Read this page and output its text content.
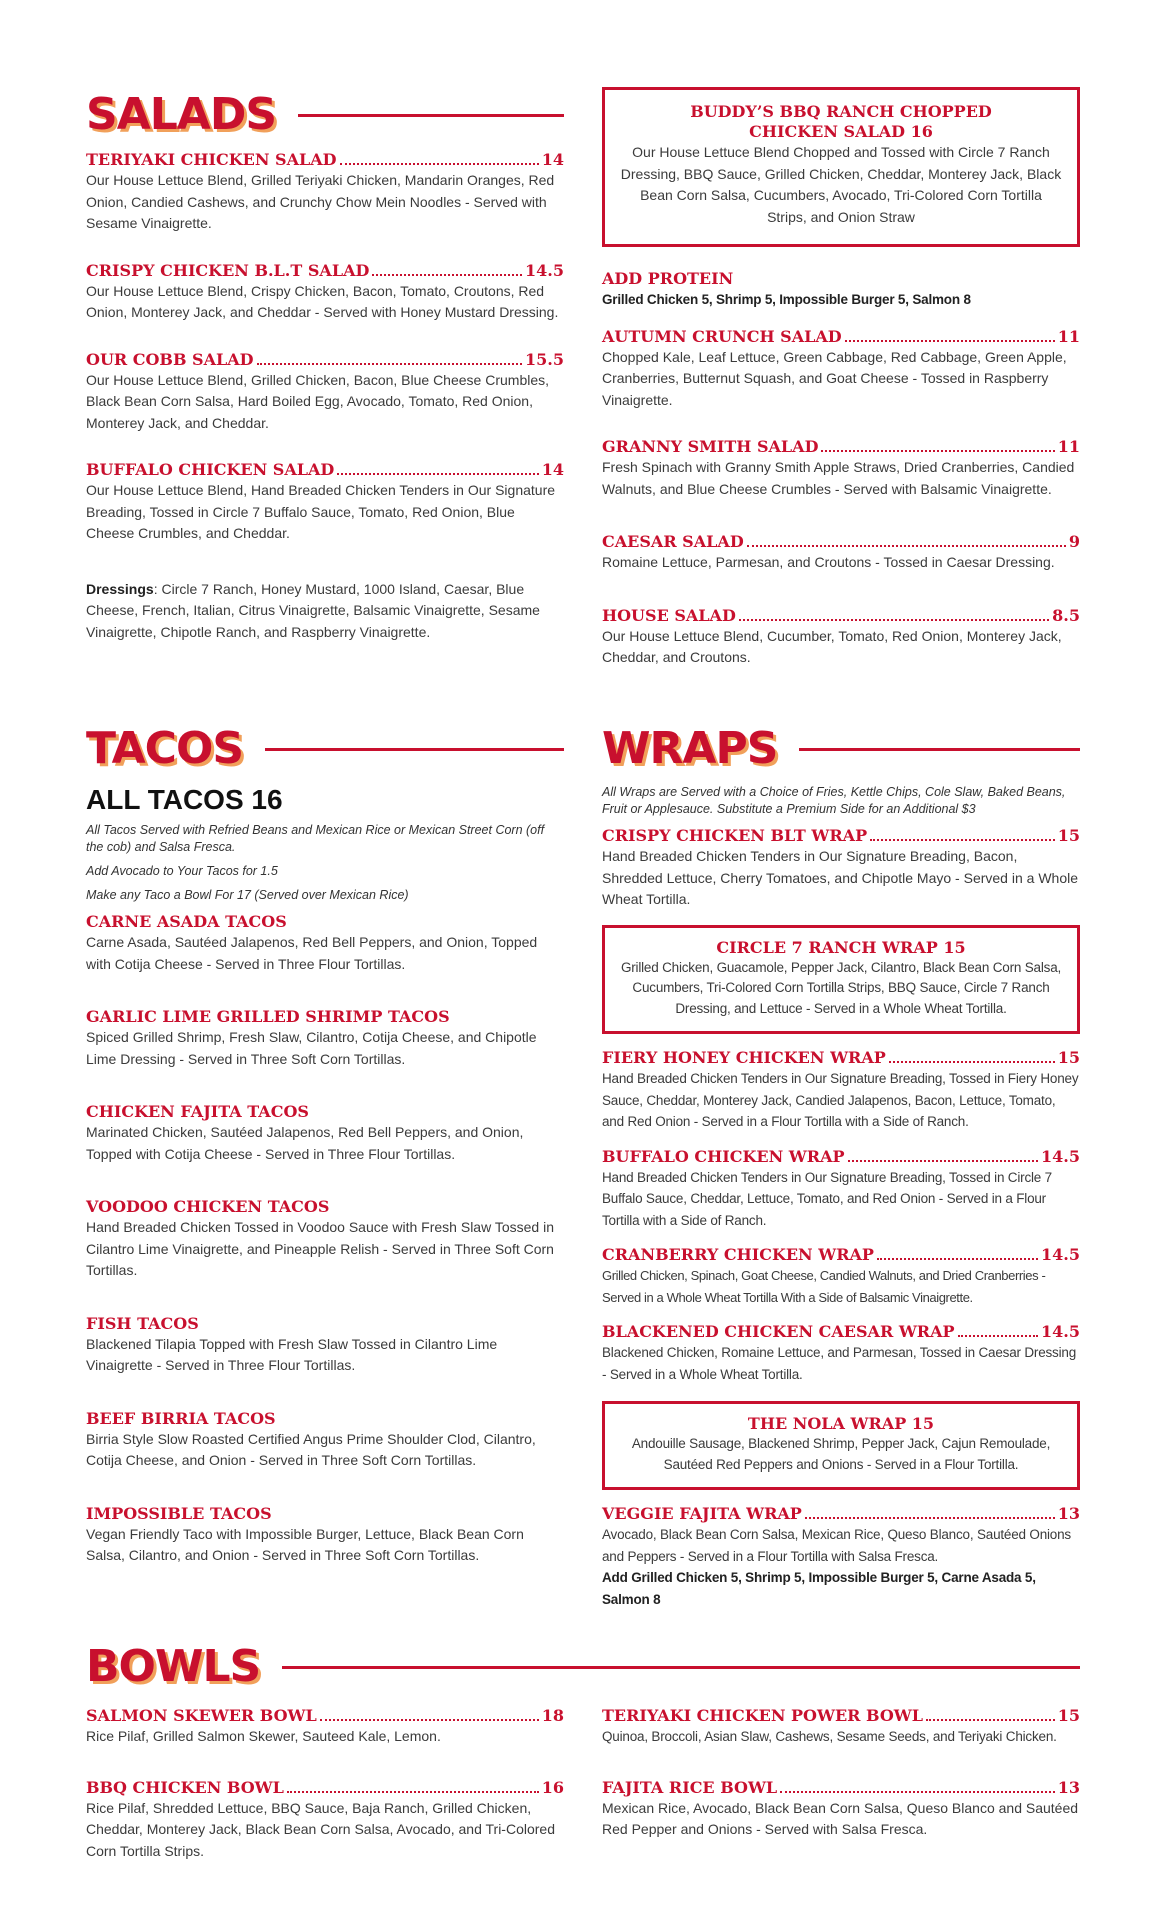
SALADS
TERIYAKI CHICKEN SALAD	14
Our House Lettuce Blend, Grilled Teriyaki Chicken, Mandarin Oranges, Red Onion, Candied Cashews, and Crunchy Chow Mein Noodles - Served with Sesame Vinaigrette.
CRISPY CHICKEN B.L.T SALAD	14.5
Our House Lettuce Blend, Crispy Chicken, Bacon, Tomato, Croutons, Red Onion, Monterey Jack, and Cheddar - Served with Honey Mustard Dressing.
OUR COBB SALAD	15.5
Our House Lettuce Blend, Grilled Chicken, Bacon, Blue Cheese Crumbles, Black Bean Corn Salsa, Hard Boiled Egg, Avocado, Tomato, Red Onion, Monterey Jack, and Cheddar.
BUFFALO CHICKEN SALAD	14
Our House Lettuce Blend, Hand Breaded Chicken Tenders in Our Signature Breading, Tossed in Circle 7 Buffalo Sauce, Tomato, Red Onion, Blue Cheese Crumbles, and Cheddar.
Dressings: Circle 7 Ranch, Honey Mustard, 1000 Island, Caesar, Blue Cheese, French, Italian, Citrus Vinaigrette, Balsamic Vinaigrette, Sesame Vinaigrette, Chipotle Ranch, and Raspberry Vinaigrette.
BUDDY’S BBQ RANCH CHOPPED CHICKEN SALAD 16
Our House Lettuce Blend Chopped and Tossed with Circle 7 Ranch Dressing, BBQ Sauce, Grilled Chicken, Cheddar, Monterey Jack, Black Bean Corn Salsa, Cucumbers, Avocado, Tri-Colored Corn Tortilla Strips, and Onion Straw
ADD PROTEIN
Grilled Chicken 5, Shrimp 5, Impossible Burger 5, Salmon 8
AUTUMN CRUNCH SALAD	11
Chopped Kale, Leaf Lettuce, Green Cabbage, Red Cabbage, Green Apple, Cranberries, Butternut Squash, and Goat Cheese - Tossed in Raspberry Vinaigrette.
GRANNY SMITH SALAD	11
Fresh Spinach with Granny Smith Apple Straws, Dried Cranberries, Candied Walnuts, and Blue Cheese Crumbles - Served with Balsamic Vinaigrette.
CAESAR SALAD	9
Romaine Lettuce, Parmesan, and Croutons - Tossed in Caesar Dressing.
HOUSE SALAD	8.5
Our House Lettuce Blend, Cucumber, Tomato, Red Onion, Monterey Jack, Cheddar, and Croutons.
TACOS
ALL TACOS 16
All Tacos Served with Refried Beans and Mexican Rice or Mexican Street Corn (off the cob) and Salsa Fresca.
Add Avocado to Your Tacos for 1.5
Make any Taco a Bowl For 17 (Served over Mexican Rice)
CARNE ASADA TACOS
Carne Asada, Sautéed Jalapenos, Red Bell Peppers, and Onion, Topped with Cotija Cheese - Served in Three Flour Tortillas.
GARLIC LIME GRILLED SHRIMP TACOS
Spiced Grilled Shrimp, Fresh Slaw, Cilantro, Cotija Cheese, and Chipotle Lime Dressing - Served in Three Soft Corn Tortillas.
CHICKEN FAJITA TACOS
Marinated Chicken, Sautéed Jalapenos, Red Bell Peppers, and Onion, Topped with Cotija Cheese - Served in Three Flour Tortillas.
VOODOO CHICKEN TACOS
Hand Breaded Chicken Tossed in Voodoo Sauce with Fresh Slaw Tossed in Cilantro Lime Vinaigrette, and Pineapple Relish - Served in Three Soft Corn Tortillas.
FISH TACOS
Blackened Tilapia Topped with Fresh Slaw Tossed in Cilantro Lime Vinaigrette - Served in Three Flour Tortillas.
BEEF BIRRIA TACOS
Birria Style Slow Roasted Certified Angus Prime Shoulder Clod, Cilantro, Cotija Cheese, and Onion - Served in Three Soft Corn Tortillas.
IMPOSSIBLE TACOS
Vegan Friendly Taco with Impossible Burger, Lettuce, Black Bean Corn Salsa, Cilantro, and Onion - Served in Three Soft Corn Tortillas.
WRAPS
All Wraps are Served with a Choice of Fries, Kettle Chips, Cole Slaw, Baked Beans, Fruit or Applesauce. Substitute a Premium Side for an Additional $3
CRISPY CHICKEN BLT WRAP	15
Hand Breaded Chicken Tenders in Our Signature Breading, Bacon, Shredded Lettuce, Cherry Tomatoes, and Chipotle Mayo - Served in a Whole Wheat Tortilla.
CIRCLE 7 RANCH WRAP 15
Grilled Chicken, Guacamole, Pepper Jack, Cilantro, Black Bean Corn Salsa, Cucumbers, Tri-Colored Corn Tortilla Strips, BBQ Sauce, Circle 7 Ranch Dressing, and Lettuce - Served in a Whole Wheat Tortilla.
FIERY HONEY CHICKEN WRAP	15
Hand Breaded Chicken Tenders in Our Signature Breading, Tossed in Fiery Honey Sauce, Cheddar, Monterey Jack, Candied Jalapenos, Bacon, Lettuce, Tomato, and Red Onion - Served in a Flour Tortilla with a Side of Ranch.
BUFFALO CHICKEN WRAP	14.5
Hand Breaded Chicken Tenders in Our Signature Breading, Tossed in Circle 7 Buffalo Sauce, Cheddar, Lettuce, Tomato, and Red Onion - Served in a Flour Tortilla with a Side of Ranch.
CRANBERRY CHICKEN WRAP	14.5
Grilled Chicken, Spinach, Goat Cheese, Candied Walnuts, and Dried Cranberries - Served in a Whole Wheat Tortilla With a Side of Balsamic Vinaigrette.
BLACKENED CHICKEN CAESAR WRAP	14.5
Blackened Chicken, Romaine Lettuce, and Parmesan, Tossed in Caesar Dressing - Served in a Whole Wheat Tortilla.
THE NOLA WRAP 15
Andouille Sausage, Blackened Shrimp, Pepper Jack, Cajun Remoulade, Sautéed Red Peppers and Onions - Served in a Flour Tortilla.
VEGGIE FAJITA WRAP	13
Avocado, Black Bean Corn Salsa, Mexican Rice, Queso Blanco, Sautéed Onions and Peppers - Served in a Flour Tortilla with Salsa Fresca.
Add Grilled Chicken 5, Shrimp 5, Impossible Burger 5, Carne Asada 5, Salmon 8
BOWLS
SALMON SKEWER BOWL	18
Rice Pilaf, Grilled Salmon Skewer, Sauteed Kale, Lemon.
BBQ CHICKEN BOWL	16
Rice Pilaf, Shredded Lettuce, BBQ Sauce, Baja Ranch, Grilled Chicken, Cheddar, Monterey Jack, Black Bean Corn Salsa, Avocado, and Tri-Colored Corn Tortilla Strips.
TERIYAKI CHICKEN POWER BOWL	15
Quinoa, Broccoli, Asian Slaw, Cashews, Sesame Seeds, and Teriyaki Chicken.
FAJITA RICE BOWL	13
Mexican Rice, Avocado, Black Bean Corn Salsa, Queso Blanco and Sautéed Red Pepper and Onions - Served with Salsa Fresca.
